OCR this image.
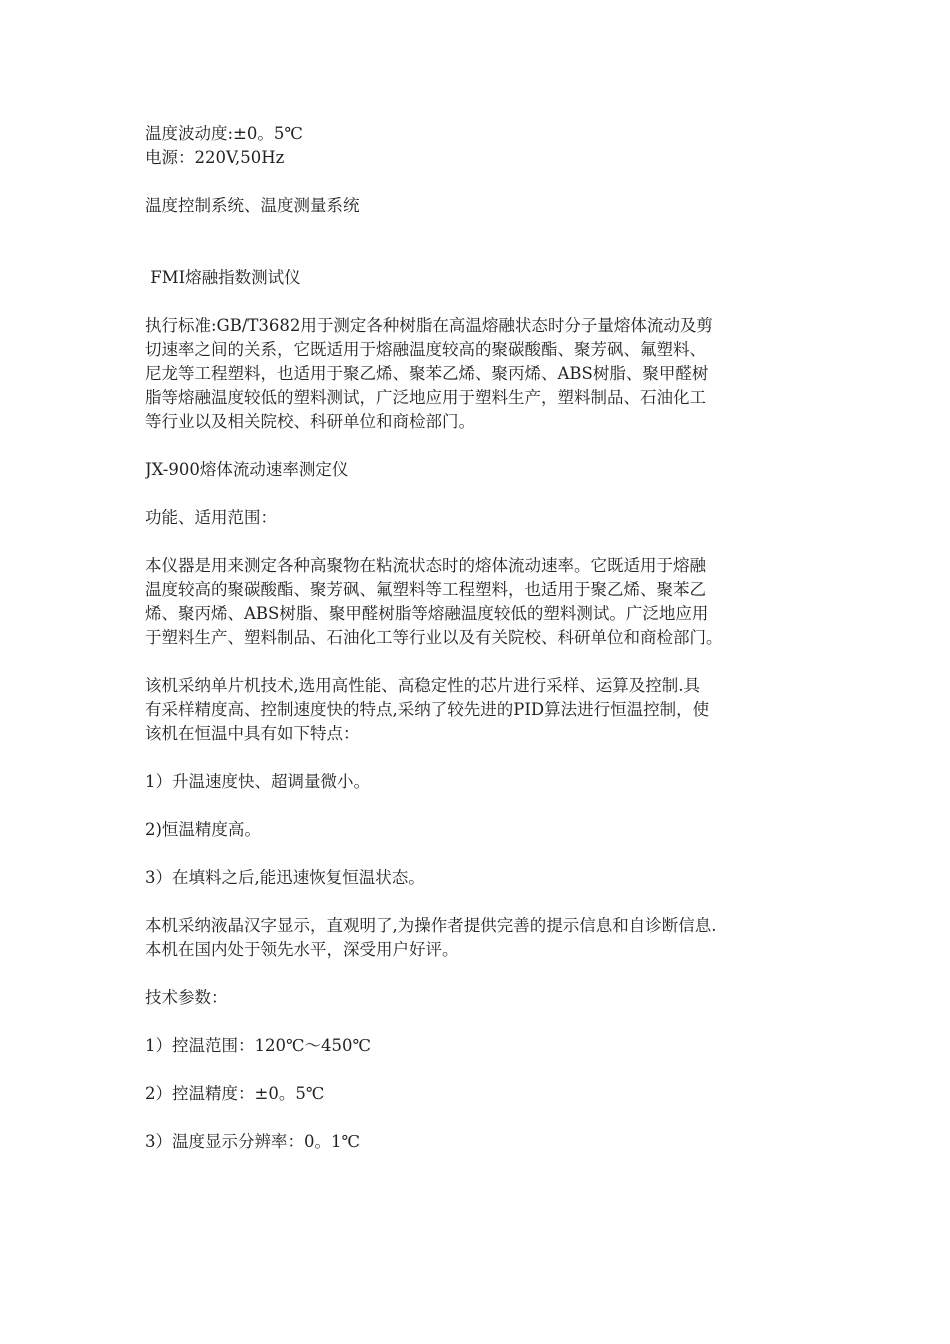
温度波动度:±0。5℃
电源：220V,50Hz
温度控制系统、温度测量系统
FMI熔融指数测试仪
执行标准:GB/T3682用于测定各种树脂在高温熔融状态时分子量熔体流动及剪
切速率之间的关系，它既适用于熔融温度较高的聚碳酸酯、聚芳砜、氟塑料、
尼龙等工程塑料，也适用于聚乙烯、聚苯乙烯、聚丙烯、ABS树脂、聚甲醛树
脂等熔融温度较低的塑料测试，广泛地应用于塑料生产，塑料制品、石油化工
等行业以及相关院校、科研单位和商检部门。
JX-900熔体流动速率测定仪
功能、适用范围：
本仪器是用来测定各种高聚物在粘流状态时的熔体流动速率。它既适用于熔融
温度较高的聚碳酸酯、聚芳砜、氟塑料等工程塑料，也适用于聚乙烯、聚苯乙
烯、聚丙烯、ABS树脂、聚甲醛树脂等熔融温度较低的塑料测试。广泛地应用
于塑料生产、塑料制品、石油化工等行业以及有关院校、科研单位和商检部门。
该机采纳单片机技术,选用高性能、高稳定性的芯片进行采样、运算及控制.具
有采样精度高、控制速度快的特点,采纳了较先进的PID算法进行恒温控制，使
该机在恒温中具有如下特点：
1）升温速度快、超调量微小。
2)恒温精度高。
3）在填料之后,能迅速恢复恒温状态。
本机采纳液晶汉字显示，直观明了,为操作者提供完善的提示信息和自诊断信息.
本机在国内处于领先水平，深受用户好评。
技术参数：
1）控温范围：120℃～450℃
2）控温精度：±0。5℃
3）温度显示分辨率：0。1℃
